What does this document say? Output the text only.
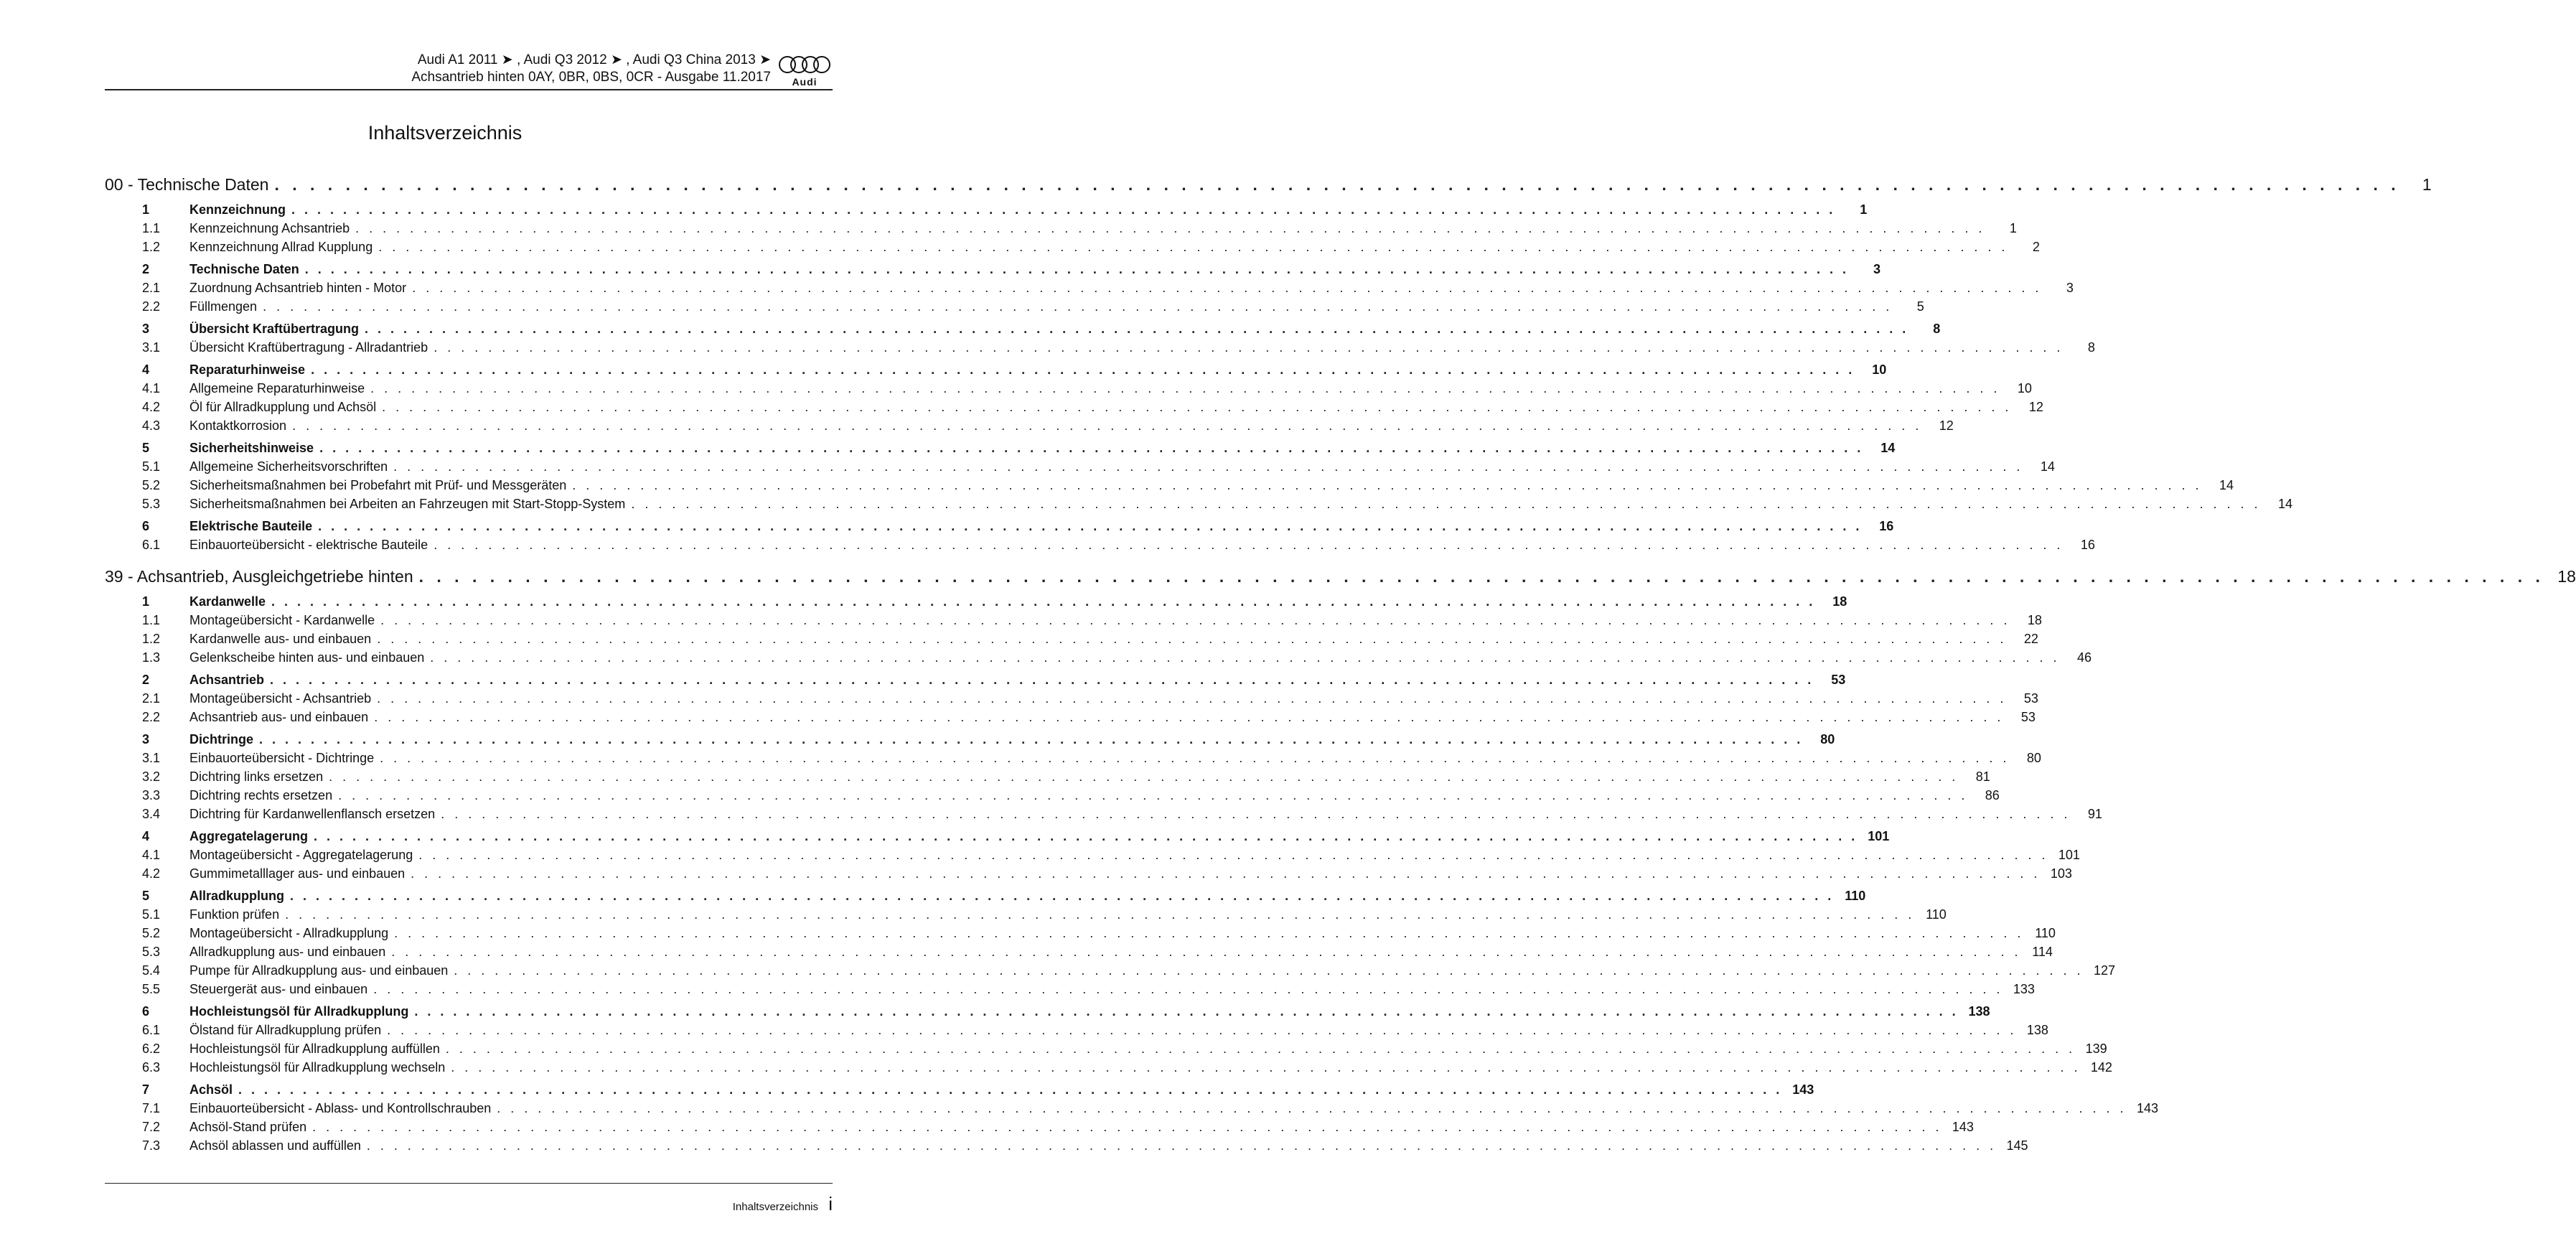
Audi A1 2011 ➤ , Audi Q3 2012 ➤ , Audi Q3 China 2013 ➤
Achsantrieb hinten 0AY, 0BR, 0BS, 0CR - Ausgabe 11.2017	Audi
Inhaltsverzeichnis
00 - Technische Daten . . . . . . . . . . . . . . . . . . . . . . . . . . . . . . . . . . . . . . . . . . . . . . . . . . . . . . . . . . . . . . . . . . . . . . . . . . . . . . . . . . . . . . . . . . . . . . . . . . . . . . . . . . . . . . . . . . . . . . . .	1
1	Kennzeichnung . . . . . . . . . . . . . . . . . . . . . . . . . . . . . . . . . . . . . . . . . . . . . . . . . . . . . . . . . . . . . . . . . . . . . . . . . . . . . . . . . . . . . . . . . . . . . . . . . . . . . . . . . . . . . . . . . . . . . . . .	1
1.1 Kennzeichnung Achsantrieb . . . . . . . . . . . . . . . . . . . . . . . . . . . . . . . . . . . . . . . . . . . . . . . . . . . . . . . . . . . . . . . . . . . . . . . . . . . . . . . . . . . . . . . . . . . . . . . . . . . . . . . . . . . . . . . . . . . . . . . .	1
1.2 Kennzeichnung Allrad Kupplung . . . . . . . . . . . . . . . . . . . . . . . . . . . . . . . . . . . . . . . . . . . . . . . . . . . . . . . . . . . . . . . . . . . . . . . . . . . . . . . . . . . . . . . . . . . . . . . . . . . . . . . . . . . . . . . . . . . . . . . .	2
2	Technische Daten . . . . . . . . . . . . . . . . . . . . . . . . . . . . . . . . . . . . . . . . . . . . . . . . . . . . . . . . . . . . . . . . . . . . . . . . . . . . . . . . . . . . . . . . . . . . . . . . . . . . . . . . . . . . . . . . . . . . . . . .	3
2.1 Zuordnung Achsantrieb hinten - Motor . . . . . . . . . . . . . . . . . . . . . . . . . . . . . . . . . . . . . . . . . . . . . . . . . . . . . . . . . . . . . . . . . . . . . . . . . . . . . . . . . . . . . . . . . . . . . . . . . . . . . . . . . . . . . . . . . . . . . . . .	3
2.2 Füllmengen . . . . . . . . . . . . . . . . . . . . . . . . . . . . . . . . . . . . . . . . . . . . . . . . . . . . . . . . . . . . . . . . . . . . . . . . . . . . . . . . . . . . . . . . . . . . . . . . . . . . . . . . . . . . . . . . . . . . . . . .	5
3	Übersicht Kraftübertragung . . . . . . . . . . . . . . . . . . . . . . . . . . . . . . . . . . . . . . . . . . . . . . . . . . . . . . . . . . . . . . . . . . . . . . . . . . . . . . . . . . . . . . . . . . . . . . . . . . . . . . . . . . . . . . . . . . . . . . . .	8
3.1 Übersicht Kraftübertragung - Allradantrieb . . . . . . . . . . . . . . . . . . . . . . . . . . . . . . . . . . . . . . . . . . . . . . . . . . . . . . . . . . . . . . . . . . . . . . . . . . . . . . . . . . . . . . . . . . . . . . . . . . . . . . . . . . . . . . . . . . . . . . . .	8
4	Reparaturhinweise . . . . . . . . . . . . . . . . . . . . . . . . . . . . . . . . . . . . . . . . . . . . . . . . . . . . . . . . . . . . . . . . . . . . . . . . . . . . . . . . . . . . . . . . . . . . . . . . . . . . . . . . . . . . . . . . . . . . . . . .	10
4.1 Allgemeine Reparaturhinweise . . . . . . . . . . . . . . . . . . . . . . . . . . . . . . . . . . . . . . . . . . . . . . . . . . . . . . . . . . . . . . . . . . . . . . . . . . . . . . . . . . . . . . . . . . . . . . . . . . . . . . . . . . . . . . . . . . . . . . . .	10
4.2 Öl für Allradkupplung und Achsöl . . . . . . . . . . . . . . . . . . . . . . . . . . . . . . . . . . . . . . . . . . . . . . . . . . . . . . . . . . . . . . . . . . . . . . . . . . . . . . . . . . . . . . . . . . . . . . . . . . . . . . . . . . . . . . . . . . . . . . . .	12
4.3 Kontaktkorrosion . . . . . . . . . . . . . . . . . . . . . . . . . . . . . . . . . . . . . . . . . . . . . . . . . . . . . . . . . . . . . . . . . . . . . . . . . . . . . . . . . . . . . . . . . . . . . . . . . . . . . . . . . . . . . . . . . . . . . . . .	12
5	Sicherheitshinweise . . . . . . . . . . . . . . . . . . . . . . . . . . . . . . . . . . . . . . . . . . . . . . . . . . . . . . . . . . . . . . . . . . . . . . . . . . . . . . . . . . . . . . . . . . . . . . . . . . . . . . . . . . . . . . . . . . . . . . . .	14
5.1 Allgemeine Sicherheitsvorschriften . . . . . . . . . . . . . . . . . . . . . . . . . . . . . . . . . . . . . . . . . . . . . . . . . . . . . . . . . . . . . . . . . . . . . . . . . . . . . . . . . . . . . . . . . . . . . . . . . . . . . . . . . . . . . . . . . . . . . . . .	14
5.2 Sicherheitsmaßnahmen bei Probefahrt mit Prüf- und Messgeräten . . . . . . . . . . . . . . . . . . . . . . . . . . . . . . . . . . . . . . . . . . . . . . . . . . . . . . . . . . . . . . . . . . . . . . . . . . . . . . . . . . . . . . . . . . . . . . . . . . . . . . . . . . . . . . . . . . . . . . . .	14
5.3 Sicherheitsmaßnahmen bei Arbeiten an Fahrzeugen mit Start-Stopp-System . . . . . . . . . . . . . . . . . . . . . . . . . . . . . . . . . . . . . . . . . . . . . . . . . . . . . . . . . . . . . . . . . . . . . . . . . . . . . . . . . . . . . . . . . . . . . . . . . . . . . . . . . . . . . . . . . . . . . . . .	14
6	Elektrische Bauteile . . . . . . . . . . . . . . . . . . . . . . . . . . . . . . . . . . . . . . . . . . . . . . . . . . . . . . . . . . . . . . . . . . . . . . . . . . . . . . . . . . . . . . . . . . . . . . . . . . . . . . . . . . . . . . . . . . . . . . . .	16
6.1 Einbauorteübersicht - elektrische Bauteile . . . . . . . . . . . . . . . . . . . . . . . . . . . . . . . . . . . . . . . . . . . . . . . . . . . . . . . . . . . . . . . . . . . . . . . . . . . . . . . . . . . . . . . . . . . . . . . . . . . . . . . . . . . . . . . . . . . . . . . .	16
39 - Achsantrieb, Ausgleichgetriebe hinten . . . . . . . . . . . . . . . . . . . . . . . . . . . . . . . . . . . . . . . . . . . . . . . . . . . . . . . . . . . . . . . . . . . . . . . . . . . . . . . . . . . . . . . . . . . . . . . . . . . . . . . . . . . . . . . . . . . . . . . . 18
1	Kardanwelle . . . . . . . . . . . . . . . . . . . . . . . . . . . . . . . . . . . . . . . . . . . . . . . . . . . . . . . . . . . . . . . . . . . . . . . . . . . . . . . . . . . . . . . . . . . . . . . . . . . . . . . . . . . . . . . . . . . . . . . .	18
1.1 Montageübersicht - Kardanwelle . . . . . . . . . . . . . . . . . . . . . . . . . . . . . . . . . . . . . . . . . . . . . . . . . . . . . . . . . . . . . . . . . . . . . . . . . . . . . . . . . . . . . . . . . . . . . . . . . . . . . . . . . . . . . . . . . . . . . . . .	18
1.2 Kardanwelle aus- und einbauen . . . . . . . . . . . . . . . . . . . . . . . . . . . . . . . . . . . . . . . . . . . . . . . . . . . . . . . . . . . . . . . . . . . . . . . . . . . . . . . . . . . . . . . . . . . . . . . . . . . . . . . . . . . . . . . . . . . . . . . .	22
1.3 Gelenkscheibe hinten aus- und einbauen . . . . . . . . . . . . . . . . . . . . . . . . . . . . . . . . . . . . . . . . . . . . . . . . . . . . . . . . . . . . . . . . . . . . . . . . . . . . . . . . . . . . . . . . . . . . . . . . . . . . . . . . . . . . . . . . . . . . . . . .	46
2	Achsantrieb . . . . . . . . . . . . . . . . . . . . . . . . . . . . . . . . . . . . . . . . . . . . . . . . . . . . . . . . . . . . . . . . . . . . . . . . . . . . . . . . . . . . . . . . . . . . . . . . . . . . . . . . . . . . . . . . . . . . . . . .	53
2.1 Montageübersicht - Achsantrieb . . . . . . . . . . . . . . . . . . . . . . . . . . . . . . . . . . . . . . . . . . . . . . . . . . . . . . . . . . . . . . . . . . . . . . . . . . . . . . . . . . . . . . . . . . . . . . . . . . . . . . . . . . . . . . . . . . . . . . . .	53
2.2 Achsantrieb aus- und einbauen . . . . . . . . . . . . . . . . . . . . . . . . . . . . . . . . . . . . . . . . . . . . . . . . . . . . . . . . . . . . . . . . . . . . . . . . . . . . . . . . . . . . . . . . . . . . . . . . . . . . . . . . . . . . . . . . . . . . . . . .	53
3	Dichtringe . . . . . . . . . . . . . . . . . . . . . . . . . . . . . . . . . . . . . . . . . . . . . . . . . . . . . . . . . . . . . . . . . . . . . . . . . . . . . . . . . . . . . . . . . . . . . . . . . . . . . . . . . . . . . . . . . . . . . . . .	80
3.1 Einbauorteübersicht - Dichtringe . . . . . . . . . . . . . . . . . . . . . . . . . . . . . . . . . . . . . . . . . . . . . . . . . . . . . . . . . . . . . . . . . . . . . . . . . . . . . . . . . . . . . . . . . . . . . . . . . . . . . . . . . . . . . . . . . . . . . . . .	80
3.2 Dichtring links ersetzen . . . . . . . . . . . . . . . . . . . . . . . . . . . . . . . . . . . . . . . . . . . . . . . . . . . . . . . . . . . . . . . . . . . . . . . . . . . . . . . . . . . . . . . . . . . . . . . . . . . . . . . . . . . . . . . . . . . . . . . .	81
3.3 Dichtring rechts ersetzen . . . . . . . . . . . . . . . . . . . . . . . . . . . . . . . . . . . . . . . . . . . . . . . . . . . . . . . . . . . . . . . . . . . . . . . . . . . . . . . . . . . . . . . . . . . . . . . . . . . . . . . . . . . . . . . . . . . . . . . .	86
3.4 Dichtring für Kardanwellenflansch ersetzen . . . . . . . . . . . . . . . . . . . . . . . . . . . . . . . . . . . . . . . . . . . . . . . . . . . . . . . . . . . . . . . . . . . . . . . . . . . . . . . . . . . . . . . . . . . . . . . . . . . . . . . . . . . . . . . . . . . . . . . .	91
4	Aggregatelagerung . . . . . . . . . . . . . . . . . . . . . . . . . . . . . . . . . . . . . . . . . . . . . . . . . . . . . . . . . . . . . . . . . . . . . . . . . . . . . . . . . . . . . . . . . . . . . . . . . . . . . . . . . . . . . . . . . . . . . . . . 101
4.1 Montageübersicht - Aggregatelagerung . . . . . . . . . . . . . . . . . . . . . . . . . . . . . . . . . . . . . . . . . . . . . . . . . . . . . . . . . . . . . . . . . . . . . . . . . . . . . . . . . . . . . . . . . . . . . . . . . . . . . . . . . . . . . . . . . . . . . . . . 101
4.2 Gummimetalllager aus- und einbauen . . . . . . . . . . . . . . . . . . . . . . . . . . . . . . . . . . . . . . . . . . . . . . . . . . . . . . . . . . . . . . . . . . . . . . . . . . . . . . . . . . . . . . . . . . . . . . . . . . . . . . . . . . . . . . . . . . . . . . . . 103
5	Allradkupplung . . . . . . . . . . . . . . . . . . . . . . . . . . . . . . . . . . . . . . . . . . . . . . . . . . . . . . . . . . . . . . . . . . . . . . . . . . . . . . . . . . . . . . . . . . . . . . . . . . . . . . . . . . . . . . . . . . . . . . . . 110
5.1 Funktion prüfen . . . . . . . . . . . . . . . . . . . . . . . . . . . . . . . . . . . . . . . . . . . . . . . . . . . . . . . . . . . . . . . . . . . . . . . . . . . . . . . . . . . . . . . . . . . . . . . . . . . . . . . . . . . . . . . . . . . . . . . . 110
5.2 Montageübersicht - Allradkupplung . . . . . . . . . . . . . . . . . . . . . . . . . . . . . . . . . . . . . . . . . . . . . . . . . . . . . . . . . . . . . . . . . . . . . . . . . . . . . . . . . . . . . . . . . . . . . . . . . . . . . . . . . . . . . . . . . . . . . . . . 110
5.3 Allradkupplung aus- und einbauen . . . . . . . . . . . . . . . . . . . . . . . . . . . . . . . . . . . . . . . . . . . . . . . . . . . . . . . . . . . . . . . . . . . . . . . . . . . . . . . . . . . . . . . . . . . . . . . . . . . . . . . . . . . . . . . . . . . . . . . . 114
5.4 Pumpe für Allradkupplung aus- und einbauen . . . . . . . . . . . . . . . . . . . . . . . . . . . . . . . . . . . . . . . . . . . . . . . . . . . . . . . . . . . . . . . . . . . . . . . . . . . . . . . . . . . . . . . . . . . . . . . . . . . . . . . . . . . . . . . . . . . . . . . . 127
5.5 Steuergerät aus- und einbauen . . . . . . . . . . . . . . . . . . . . . . . . . . . . . . . . . . . . . . . . . . . . . . . . . . . . . . . . . . . . . . . . . . . . . . . . . . . . . . . . . . . . . . . . . . . . . . . . . . . . . . . . . . . . . . . . . . . . . . . . 133
6	Hochleistungsöl für Allradkupplung . . . . . . . . . . . . . . . . . . . . . . . . . . . . . . . . . . . . . . . . . . . . . . . . . . . . . . . . . . . . . . . . . . . . . . . . . . . . . . . . . . . . . . . . . . . . . . . . . . . . . . . . . . . . . . . . . . . . . . . . 138
6.1 Ölstand für Allradkupplung prüfen . . . . . . . . . . . . . . . . . . . . . . . . . . . . . . . . . . . . . . . . . . . . . . . . . . . . . . . . . . . . . . . . . . . . . . . . . . . . . . . . . . . . . . . . . . . . . . . . . . . . . . . . . . . . . . . . . . . . . . . . 138
6.2 Hochleistungsöl für Allradkupplung auffüllen . . . . . . . . . . . . . . . . . . . . . . . . . . . . . . . . . . . . . . . . . . . . . . . . . . . . . . . . . . . . . . . . . . . . . . . . . . . . . . . . . . . . . . . . . . . . . . . . . . . . . . . . . . . . . . . . . . . . . . . . 139
6.3 Hochleistungsöl für Allradkupplung wechseln . . . . . . . . . . . . . . . . . . . . . . . . . . . . . . . . . . . . . . . . . . . . . . . . . . . . . . . . . . . . . . . . . . . . . . . . . . . . . . . . . . . . . . . . . . . . . . . . . . . . . . . . . . . . . . . . . . . . . . . . 142
7	Achsöl . . . . . . . . . . . . . . . . . . . . . . . . . . . . . . . . . . . . . . . . . . . . . . . . . . . . . . . . . . . . . . . . . . . . . . . . . . . . . . . . . . . . . . . . . . . . . . . . . . . . . . . . . . . . . . . . . . . . . . . . 143
7.1 Einbauorteübersicht - Ablass- und Kontrollschrauben . . . . . . . . . . . . . . . . . . . . . . . . . . . . . . . . . . . . . . . . . . . . . . . . . . . . . . . . . . . . . . . . . . . . . . . . . . . . . . . . . . . . . . . . . . . . . . . . . . . . . . . . . . . . . . . . . . . . . . . . 143
7.2 Achsöl-Stand prüfen . . . . . . . . . . . . . . . . . . . . . . . . . . . . . . . . . . . . . . . . . . . . . . . . . . . . . . . . . . . . . . . . . . . . . . . . . . . . . . . . . . . . . . . . . . . . . . . . . . . . . . . . . . . . . . . . . . . . . . . . 143
7.3 Achsöl ablassen und auffüllen . . . . . . . . . . . . . . . . . . . . . . . . . . . . . . . . . . . . . . . . . . . . . . . . . . . . . . . . . . . . . . . . . . . . . . . . . . . . . . . . . . . . . . . . . . . . . . . . . . . . . . . . . . . . . . . . . . . . . . . . 145
Inhaltsverzeichnis i
